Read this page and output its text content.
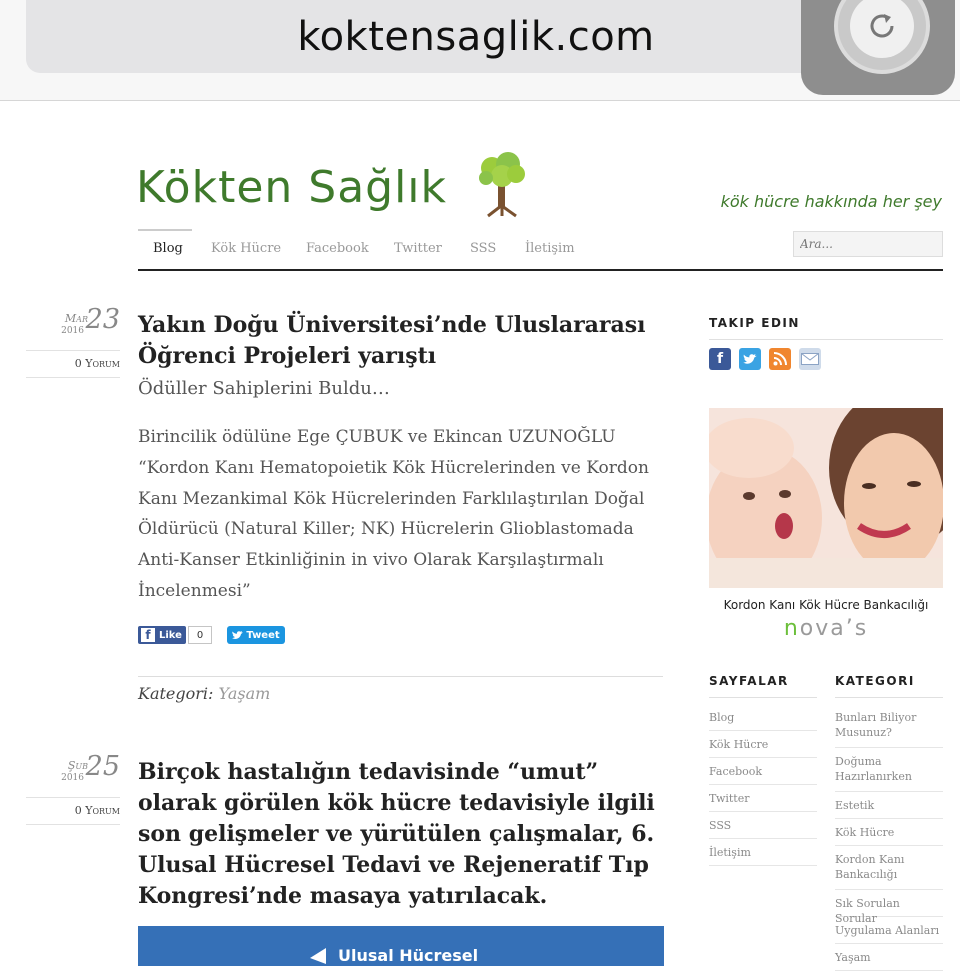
koktensaglik.com
Kökten Sağlık	kök hücre hakkında her şey
Blog Kök Hücre Facebook Twitter SSS İletişim
Ara...
Mar
2016 23
0 Yorum
Yakın Doğu Üniversitesi’nde Uluslararası Öğrenci Projeleri yarıştı
Ödüller Sahiplerini Buldu…

Birincilik ödülüne Ege ÇUBUK ve Ekincan UZUNOĞLU “Kordon Kanı Hematopoietik Kök Hücrelerinden ve Kordon Kanı Mezankimal Kök Hücrelerinden Farklılaştırılan Doğal Öldürücü (Natural Killer; NK) Hücrelerin Glioblastomada Anti-Kanser Etkinliğinin in vivo Olarak Karşılaştırmalı İncelenmesi”

f Like	0	Tweet
Kategori: Yaşam
Şub
2016 25
0 Yorum
Birçok hastalığın tedavisinde “umut” olarak görülen kök hücre tedavisiyle ilgili son gelişmeler ve yürütülen çalışmalar, 6. Ulusal Hücresel Tedavi ve Rejeneratif Tıp Kongresi’nde masaya yatırılacak.
Ulusal Hücresel
TAKIP EDIN
f
Kordon Kanı Kök Hücre Bankacılığı
nova’s
SAYFALAR
Blog
Kök Hücre
Facebook
Twitter
SSS
İletişim
KATEGORI
Bunları Biliyor Musunuz?
Doğuma Hazırlanırken
Estetik
Kök Hücre
Kordon Kanı Bankacılığı
Sık Sorulan Sorular
Uygulama Alanları
Yaşam
